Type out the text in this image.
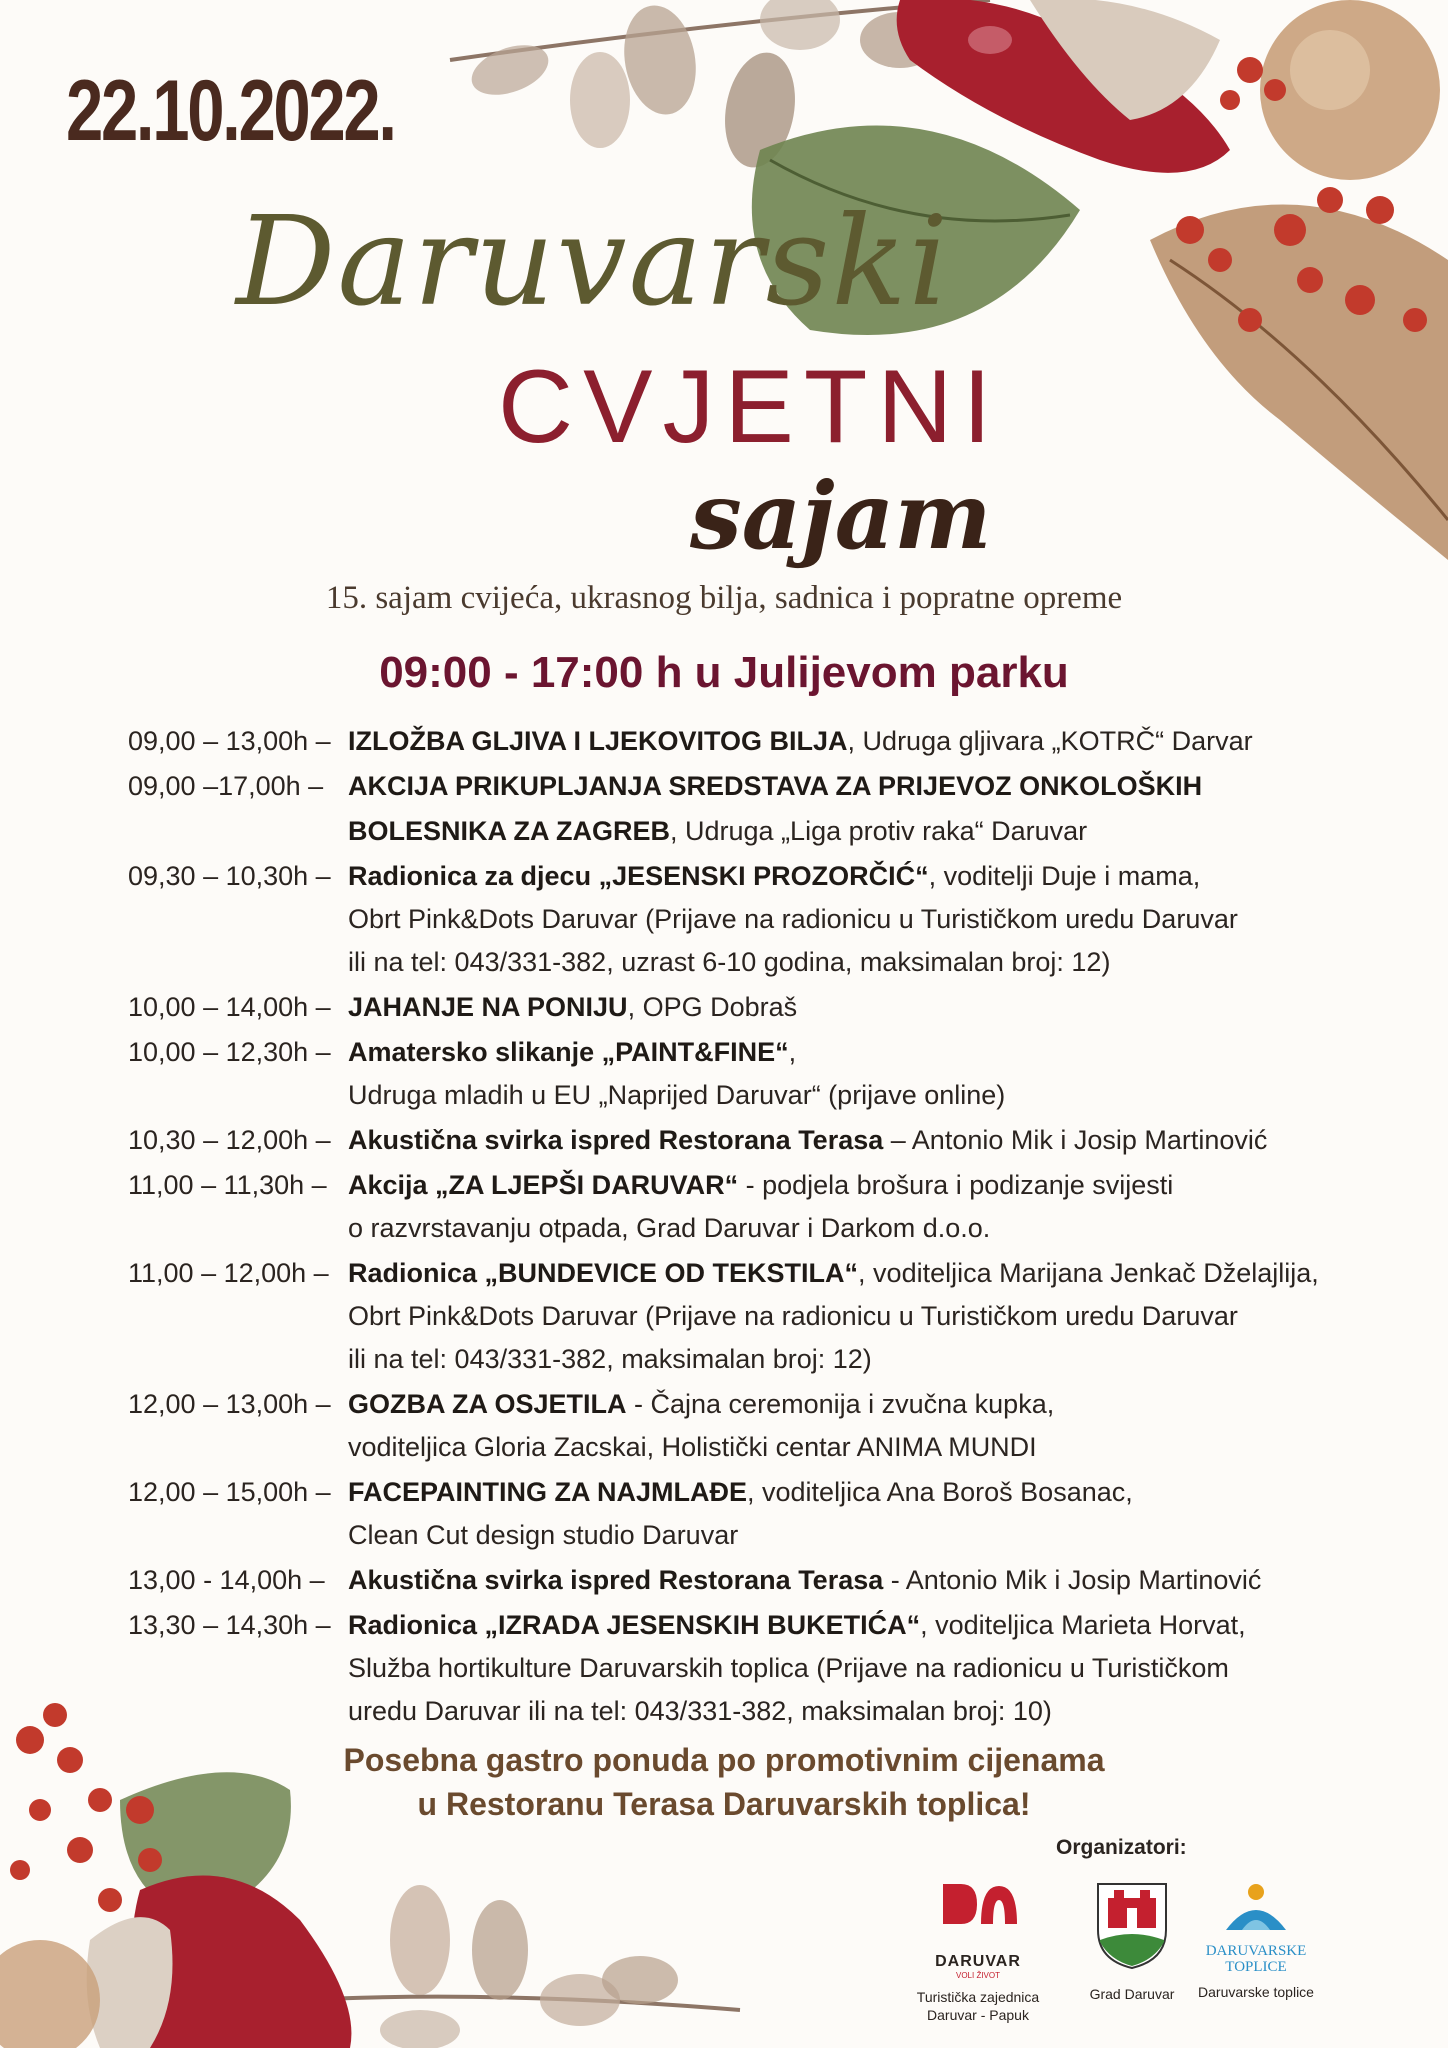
22.10.2022.
Daruvarski
CVJETNI
sajam
15. sajam cvijeća, ukrasnog bilja, sadnica i popratne opreme
09:00 - 17:00 h u Julijevom parku
09,00 – 13,00h – IZLOŽBA GLJIVA I LJEKOVITOG BILJA, Udruga gljivara „KOTRČ“ Darvar
09,00 –17,00h – AKCIJA PRIKUPLJANJA SREDSTAVA ZA PRIJEVOZ ONKOLOŠKIH
BOLESNIKA ZA ZAGREB, Udruga „Liga protiv raka“ Daruvar
09,30 – 10,30h – Radionica za djecu „JESENSKI PROZORČIĆ“, voditelji Duje i mama,
Obrt Pink&Dots Daruvar (Prijave na radionicu u Turističkom uredu Daruvar
ili na tel: 043/331-382, uzrast 6-10 godina, maksimalan broj: 12)
10,00 – 14,00h – JAHANJE NA PONIJU, OPG Dobraš
10,00 – 12,30h – Amatersko slikanje „PAINT&FINE“,
Udruga mladih u EU „Naprijed Daruvar“ (prijave online)
10,30 – 12,00h – Akustična svirka ispred Restorana Terasa – Antonio Mik i Josip Martinović
11,00 – 11,30h – Akcija „ZA LJEPŠI DARUVAR“ - podjela brošura i podizanje svijesti
o razvrstavanju otpada, Grad Daruvar i Darkom d.o.o.
11,00 – 12,00h – Radionica „BUNDEVICE OD TEKSTILA“, voditeljica Marijana Jenkač Dželajlija,
Obrt Pink&Dots Daruvar (Prijave na radionicu u Turističkom uredu Daruvar
ili na tel: 043/331-382, maksimalan broj: 12)
12,00 – 13,00h – GOZBA ZA OSJETILA - Čajna ceremonija i zvučna kupka,
voditeljica Gloria Zacskai, Holistički centar ANIMA MUNDI
12,00 – 15,00h – FACEPAINTING ZA NAJMLAĐE, voditeljica Ana Boroš Bosanac,
Clean Cut design studio Daruvar
13,00 - 14,00h – Akustična svirka ispred Restorana Terasa - Antonio Mik i Josip Martinović
13,30 – 14,30h – Radionica „IZRADA JESENSKIH BUKETIĆA“, voditeljica Marieta Horvat,
Služba hortikulture Daruvarskih toplica (Prijave na radionicu u Turističkom
uredu Daruvar ili na tel: 043/331-382, maksimalan broj: 10)
Posebna gastro ponuda po promotivnim cijenama
u Restoranu Terasa Daruvarskih toplica!
Organizatori:
DARUVAR
VOLI ŽIVOT
Turistička zajednica
Daruvar - Papuk
Grad Daruvar
DARUVARSKE
TOPLICE
Daruvarske toplice
